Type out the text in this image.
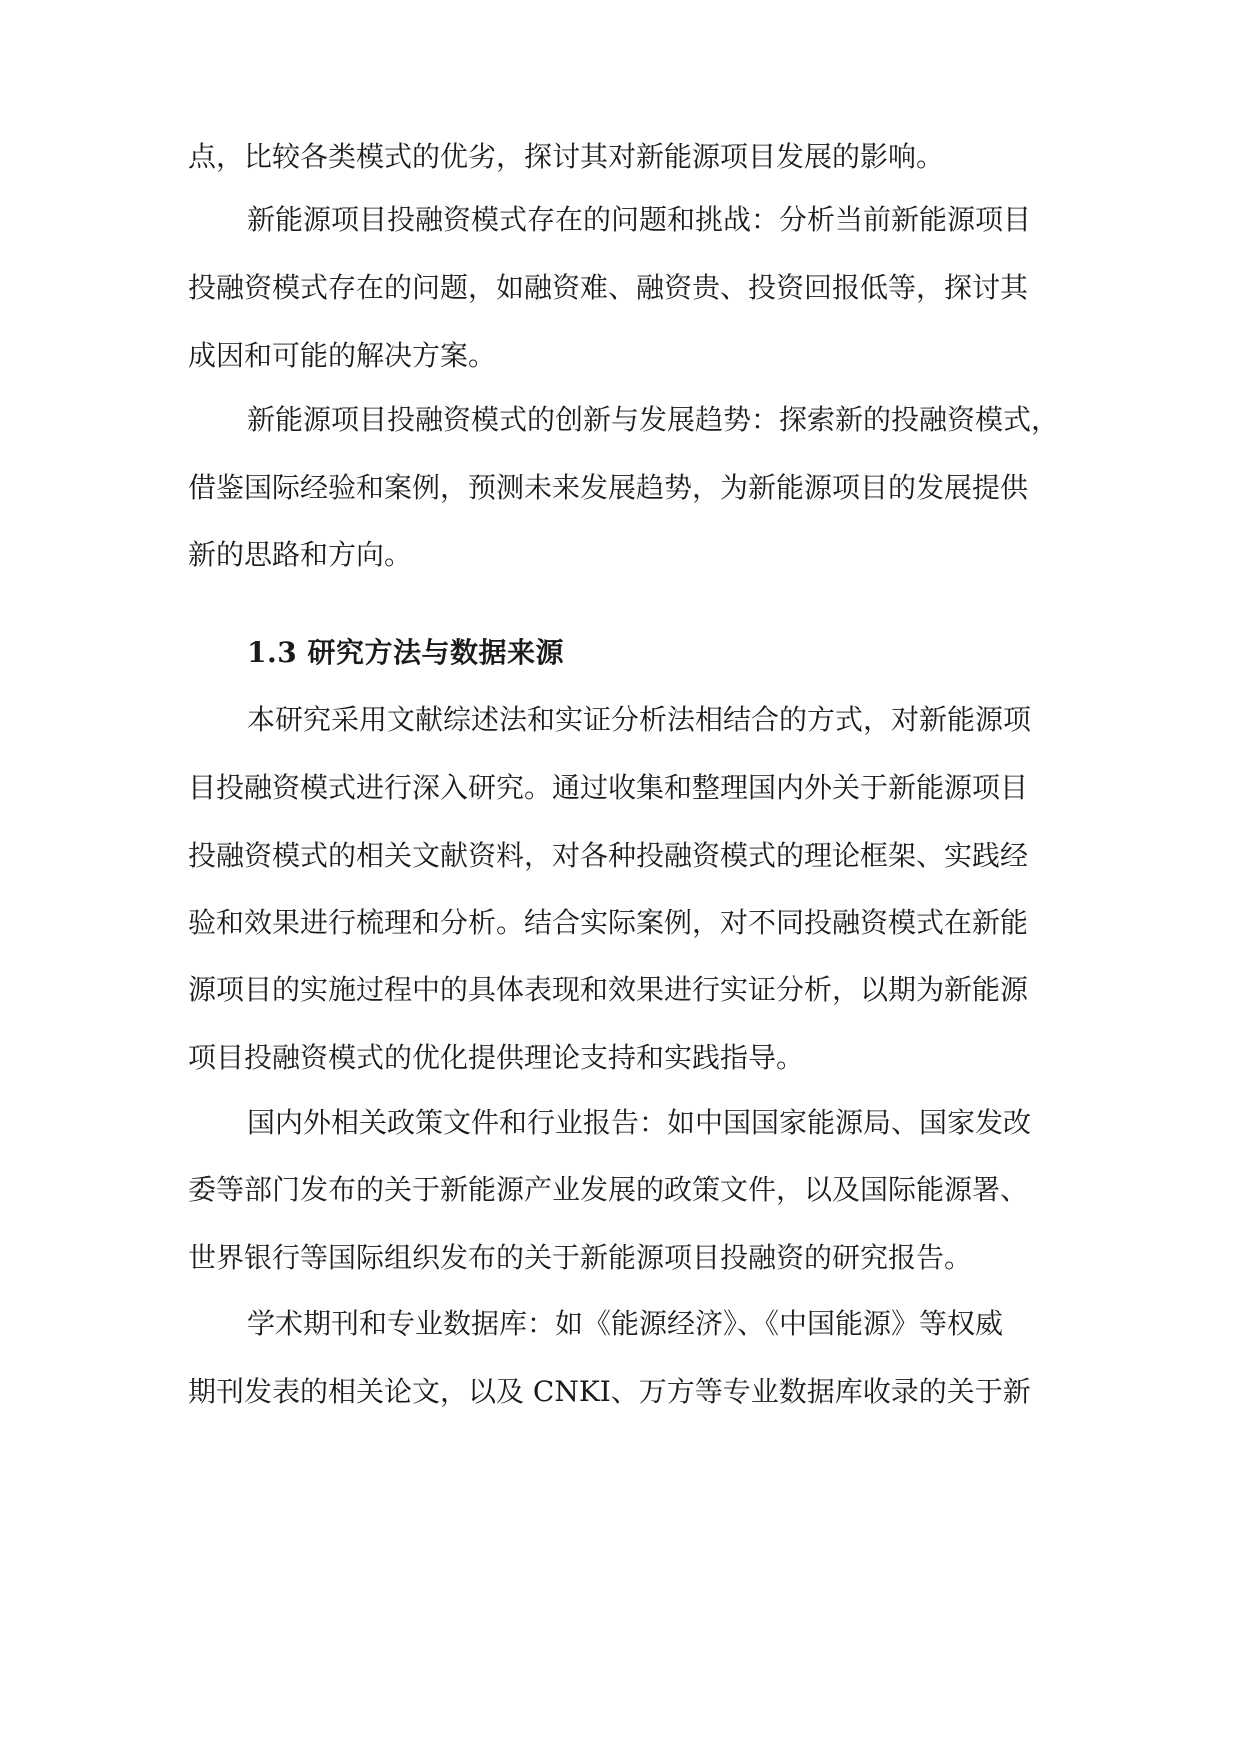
点，比较各类模式的优劣，探讨其对新能源项目发展的影响。
新能源项目投融资模式存在的问题和挑战：分析当前新能源项目
投融资模式存在的问题，如融资难、融资贵、投资回报低等，探讨其
成因和可能的解决方案。
新能源项目投融资模式的创新与发展趋势：探索新的投融资模式，
借鉴国际经验和案例，预测未来发展趋势，为新能源项目的发展提供
新的思路和方向。
1.3 研究方法与数据来源
本研究采用文献综述法和实证分析法相结合的方式，对新能源项
目投融资模式进行深入研究。通过收集和整理国内外关于新能源项目
投融资模式的相关文献资料，对各种投融资模式的理论框架、实践经
验和效果进行梳理和分析。结合实际案例，对不同投融资模式在新能
源项目的实施过程中的具体表现和效果进行实证分析，以期为新能源
项目投融资模式的优化提供理论支持和实践指导。
国内外相关政策文件和行业报告：如中国国家能源局、国家发改
委等部门发布的关于新能源产业发展的政策文件，以及国际能源署、
世界银行等国际组织发布的关于新能源项目投融资的研究报告。
学术期刊和专业数据库：如《能源经济》、《中国能源》等权威
期刊发表的相关论文，以及 CNKI、万方等专业数据库收录的关于新
